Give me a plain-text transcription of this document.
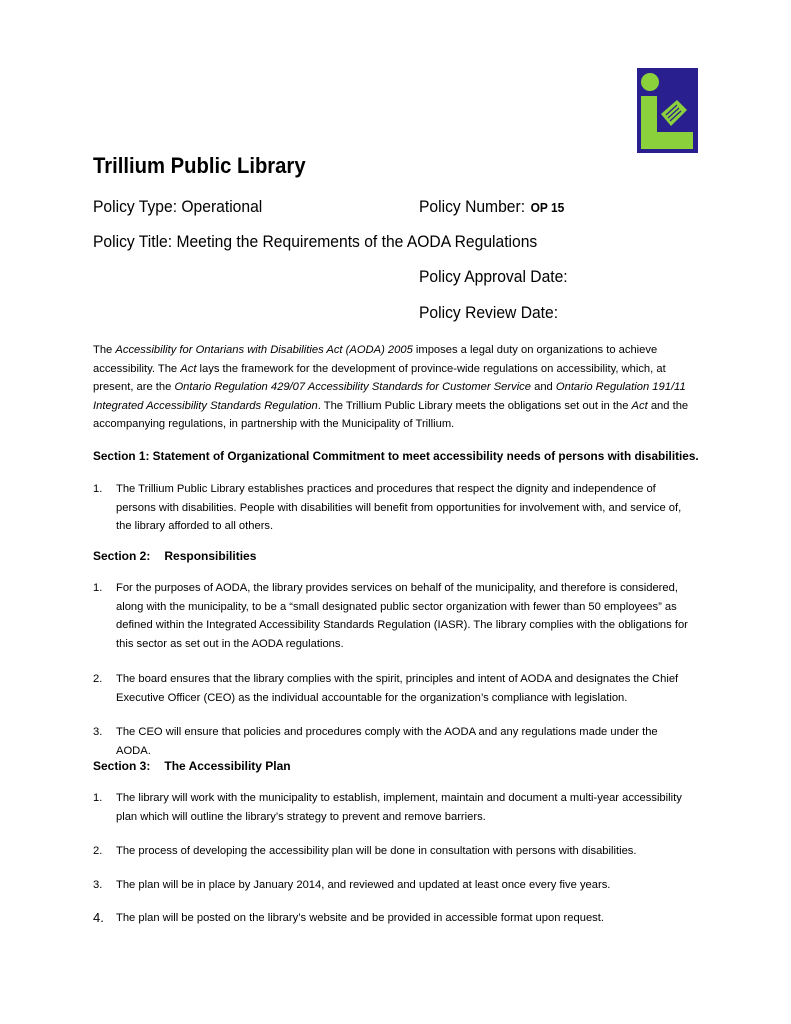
Trillium Public Library
Policy Type: Operational	Policy Number: OP 15
Policy Title: Meeting the Requirements of the AODA Regulations
Policy Approval Date:
Policy Review Date:

The Accessibility for Ontarians with Disabilities Act (AODA) 2005 imposes a legal duty on organizations to achieve accessibility. The Act lays the framework for the development of province-wide regulations on accessibility, which, at present, are the Ontario Regulation 429/07 Accessibility Standards for Customer Service and Ontario Regulation 191/11 Integrated Accessibility Standards Regulation. The Trillium Public Library meets the obligations set out in the Act and the accompanying regulations, in partnership with the Municipality of Trillium.

Section 1: Statement of Organizational Commitment to meet accessibility needs of persons with disabilities.
1. The Trillium Public Library establishes practices and procedures that respect the dignity and independence of persons with disabilities. People with disabilities will benefit from opportunities for involvement with, and service of, the library afforded to all others.
Section 2: Responsibilities
1. For the purposes of AODA, the library provides services on behalf of the municipality, and therefore is considered, along with the municipality, to be a “small designated public sector organization with fewer than 50 employees” as defined within the Integrated Accessibility Standards Regulation (IASR). The library complies with the obligations for this sector as set out in the AODA regulations.
2. The board ensures that the library complies with the spirit, principles and intent of AODA and designates the Chief Executive Officer (CEO) as the individual accountable for the organization’s compliance with legislation.
3. The CEO will ensure that policies and procedures comply with the AODA and any regulations made under the AODA.
Section 3: The Accessibility Plan
1. The library will work with the municipality to establish, implement, maintain and document a multi-year accessibility plan which will outline the library’s strategy to prevent and remove barriers.
2. The process of developing the accessibility plan will be done in consultation with persons with disabilities.
3. The plan will be in place by January 2014, and reviewed and updated at least once every five years.
4. The plan will be posted on the library’s website and be provided in accessible format upon request.
